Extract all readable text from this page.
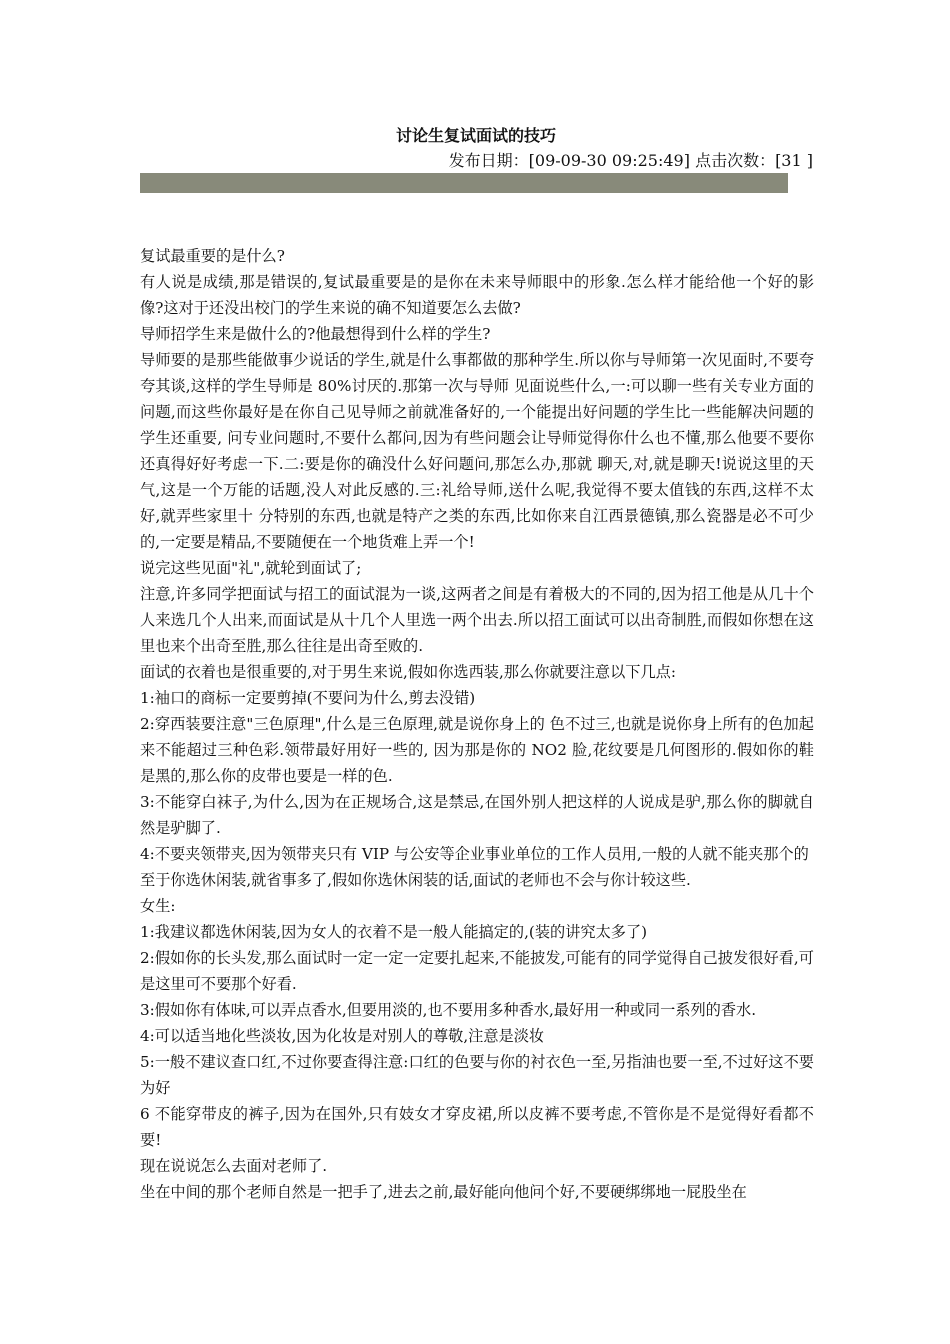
讨论生复试面试的技巧
发布日期：[09-09-30 09:25:49] 点击次数：[31 ]

复试最重要的是什么?

有人说是成绩,那是错误的,复试最重要是的是你在未来导师眼中的形象.怎么样才能给他一个好的影像?这对于还没出校门的学生来说的确不知道要怎么去做?

导师招学生来是做什么的?他最想得到什么样的学生?

导师要的是那些能做事少说话的学生,就是什么事都做的那种学生.所以你与导师第一次见面时,不要夸夸其谈,这样的学生导师是 80%讨厌的.那第一次与导师 见面说些什么,一:可以聊一些有关专业方面的问题,而这些你最好是在你自己见导师之前就准备好的,一个能提出好问题的学生比一些能解决问题的学生还重要, 问专业问题时,不要什么都问,因为有些问题会让导师觉得你什么也不懂,那么他要不要你还真得好好考虑一下.二:要是你的确没什么好问题问,那怎么办,那就 聊天,对,就是聊天!说说这里的天气,这是一个万能的话题,没人对此反感的.三:礼给导师,送什么呢,我觉得不要太值钱的东西,这样不太好,就弄些家里十 分特别的东西,也就是特产之类的东西,比如你来自江西景德镇,那么瓷器是必不可少的,一定要是精品,不要随便在一个地货难上弄一个!

说完这些见面"礼",就轮到面试了;

注意,许多同学把面试与招工的面试混为一谈,这两者之间是有着极大的不同的,因为招工他是从几十个人来选几个人出来,而面试是从十几个人里选一两个出去.所以招工面试可以出奇制胜,而假如你想在这里也来个出奇至胜,那么往往是出奇至败的.

面试的衣着也是很重要的,对于男生来说,假如你选西装,那么你就要注意以下几点:

1:袖口的商标一定要剪掉(不要问为什么,剪去没错)

2:穿西装要注意"三色原理",什么是三色原理,就是说你身上的 色不过三,也就是说你身上所有的色加起来不能超过三种色彩.领带最好用好一些的, 因为那是你的 NO2 脸,花纹要是几何图形的.假如你的鞋是黑的,那么你的皮带也要是一样的色.

3:不能穿白袜子,为什么,因为在正规场合,这是禁忌,在国外别人把这样的人说成是驴,那么你的脚就自然是驴脚了.

4:不要夹领带夹,因为领带夹只有 VIP 与公安等企业事业单位的工作人员用,一般的人就不能夹那个的

至于你选休闲装,就省事多了,假如你选休闲装的话,面试的老师也不会与你计较这些.

女生:

1:我建议都选休闲装,因为女人的衣着不是一般人能搞定的,(装的讲究太多了)

2:假如你的长头发,那么面试时一定一定一定要扎起来,不能披发,可能有的同学觉得自己披发很好看,可是这里可不要那个好看.

3:假如你有体味,可以弄点香水,但要用淡的,也不要用多种香水,最好用一种或同一系列的香水.

4:可以适当地化些淡妆,因为化妆是对别人的尊敬,注意是淡妆

5:一般不建议查口红,不过你要查得注意:口红的色要与你的衬衣色一至,另指油也要一至,不过好这不要为好

6 不能穿带皮的裤子,因为在国外,只有妓女才穿皮裙,所以皮裤不要考虑,不管你是不是觉得好看都不要!

现在说说怎么去面对老师了.

坐在中间的那个老师自然是一把手了,进去之前,最好能向他问个好,不要硬绑绑地一屁股坐在
